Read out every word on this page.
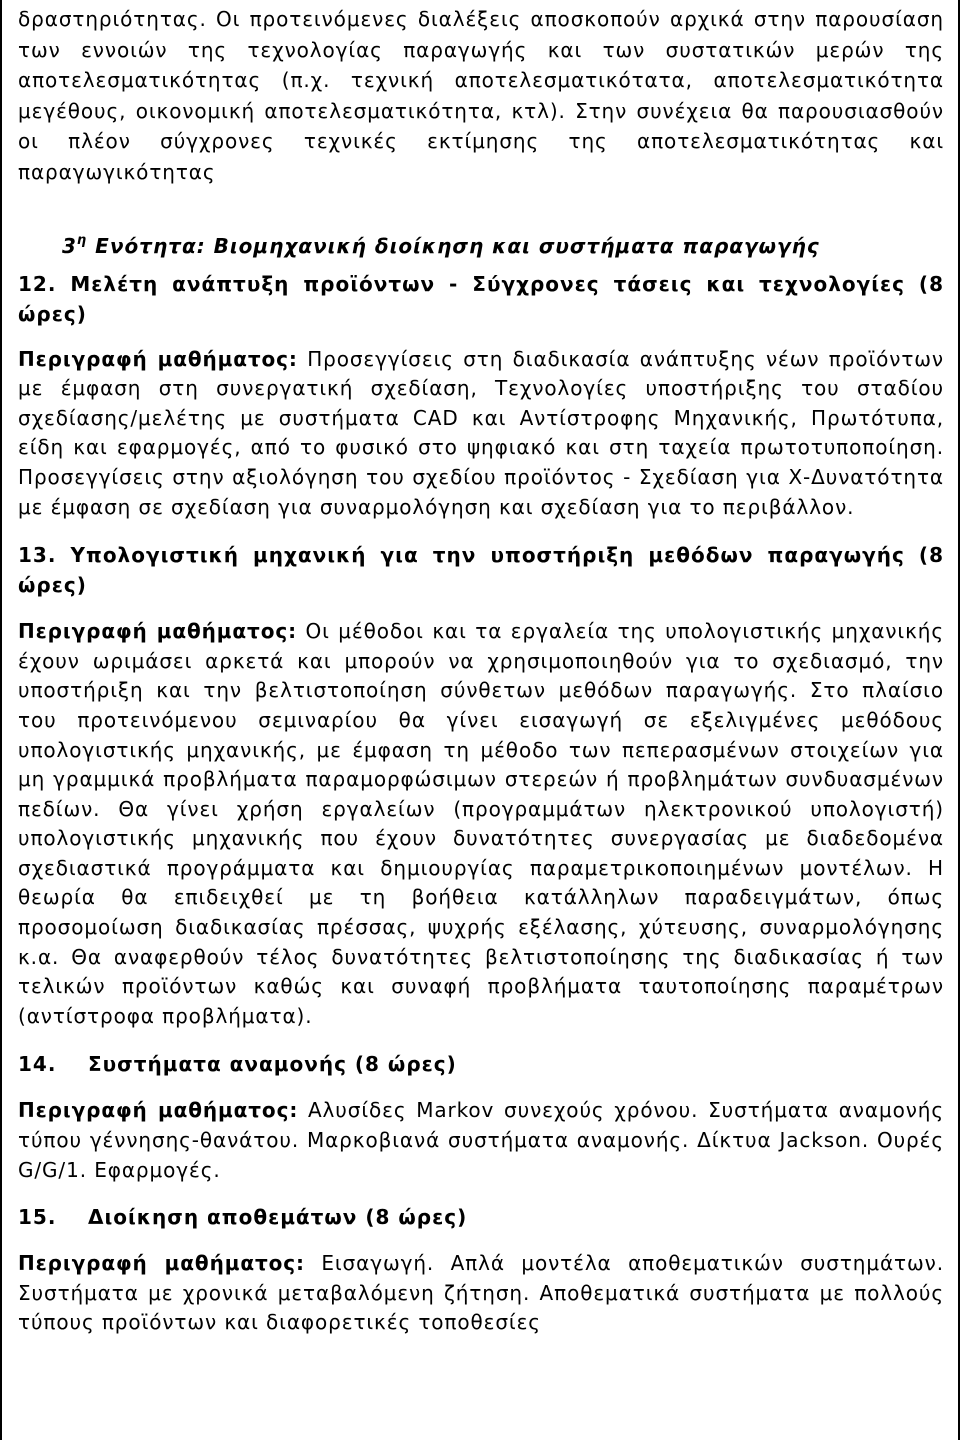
δραστηριότητας. Οι προτεινόμενες διαλέξεις αποσκοπούν αρχικά στην παρουσίαση των εννοιών της τεχνολογίας παραγωγής και των συστατικών μερών της αποτελεσματικότητας (π.χ. τεχνική αποτελεσματικότατα, αποτελεσματικότητα μεγέθους, οικονομική αποτελεσματικότητα, κτλ). Στην συνέχεια θα παρουσιασθούν οι πλέον σύγχρονες τεχνικές εκτίμησης της αποτελεσματικότητας και παραγωγικότητας

$3^\eta$ Ενότητα: Βιομηχανική διοίκηση και συστήματα παραγωγής

12. Μελέτη ανάπτυξη προϊόντων - Σύγχρονες τάσεις και τεχνολογίες (8 ώρες)

Περιγραφή μαθήματος: Προσεγγίσεις στη διαδικασία ανάπτυξης νέων προϊόντων με έμφαση στη συνεργατική σχεδίαση, Τεχνολογίες υποστήριξης του σταδίου σχεδίασης/μελέτης με συστήματα CAD και Αντίστροφης Μηχανικής, Πρωτότυπα, είδη και εφαρμογές, από το φυσικό στο ψηφιακό και στη ταχεία πρωτοτυποποίηση. Προσεγγίσεις στην αξιολόγηση του σχεδίου προϊόντος - Σχεδίαση για Χ-Δυνατότητα με έμφαση σε σχεδίαση για συναρμολόγηση και σχεδίαση για το περιβάλλον.

13. Υπολογιστική μηχανική για την υποστήριξη μεθόδων παραγωγής (8 ώρες)

Περιγραφή μαθήματος: Οι μέθοδοι και τα εργαλεία της υπολογιστικής μηχανικής έχουν ωριμάσει αρκετά και μπορούν να χρησιμοποιηθούν για το σχεδιασμό, την υποστήριξη και την βελτιστοποίηση σύνθετων μεθόδων παραγωγής. Στο πλαίσιο του προτεινόμενου σεμιναρίου θα γίνει εισαγωγή σε εξελιγμένες μεθόδους υπολογιστικής μηχανικής, με έμφαση τη μέθοδο των πεπερασμένων στοιχείων για μη γραμμικά προβλήματα παραμορφώσιμων στερεών ή προβλημάτων συνδυασμένων πεδίων. Θα γίνει χρήση εργαλείων (προγραμμάτων ηλεκτρονικού υπολογιστή) υπολογιστικής μηχανικής που έχουν δυνατότητες συνεργασίας με διαδεδομένα σχεδιαστικά προγράμματα και δημιουργίας παραμετρικοποιημένων μοντέλων. Η θεωρία θα επιδειχθεί με τη βοήθεια κατάλληλων παραδειγμάτων, όπως προσομοίωση διαδικασίας πρέσσας, ψυχρής εξέλασης, χύτευσης, συναρμολόγησης κ.α. Θα αναφερθούν τέλος δυνατότητες βελτιστοποίησης της διαδικασίας ή των τελικών προϊόντων καθώς και συναφή προβλήματα ταυτοποίησης παραμέτρων (αντίστροφα προβλήματα).

14. Συστήματα αναμονής (8 ώρες)

Περιγραφή μαθήματος: Αλυσίδες Markov συνεχούς χρόνου. Συστήματα αναμονής τύπου γέννησης-θανάτου. Μαρκοβιανά συστήματα αναμονής. Δίκτυα Jackson. Ουρές G/G/1. Εφαρμογές.

15. Διοίκηση αποθεμάτων (8 ώρες)

Περιγραφή μαθήματος: Εισαγωγή. Απλά μοντέλα αποθεματικών συστημάτων. Συστήματα με χρονικά μεταβαλόμενη ζήτηση. Αποθεματικά συστήματα με πολλούς τύπους προϊόντων και διαφορετικές τοποθεσίες
